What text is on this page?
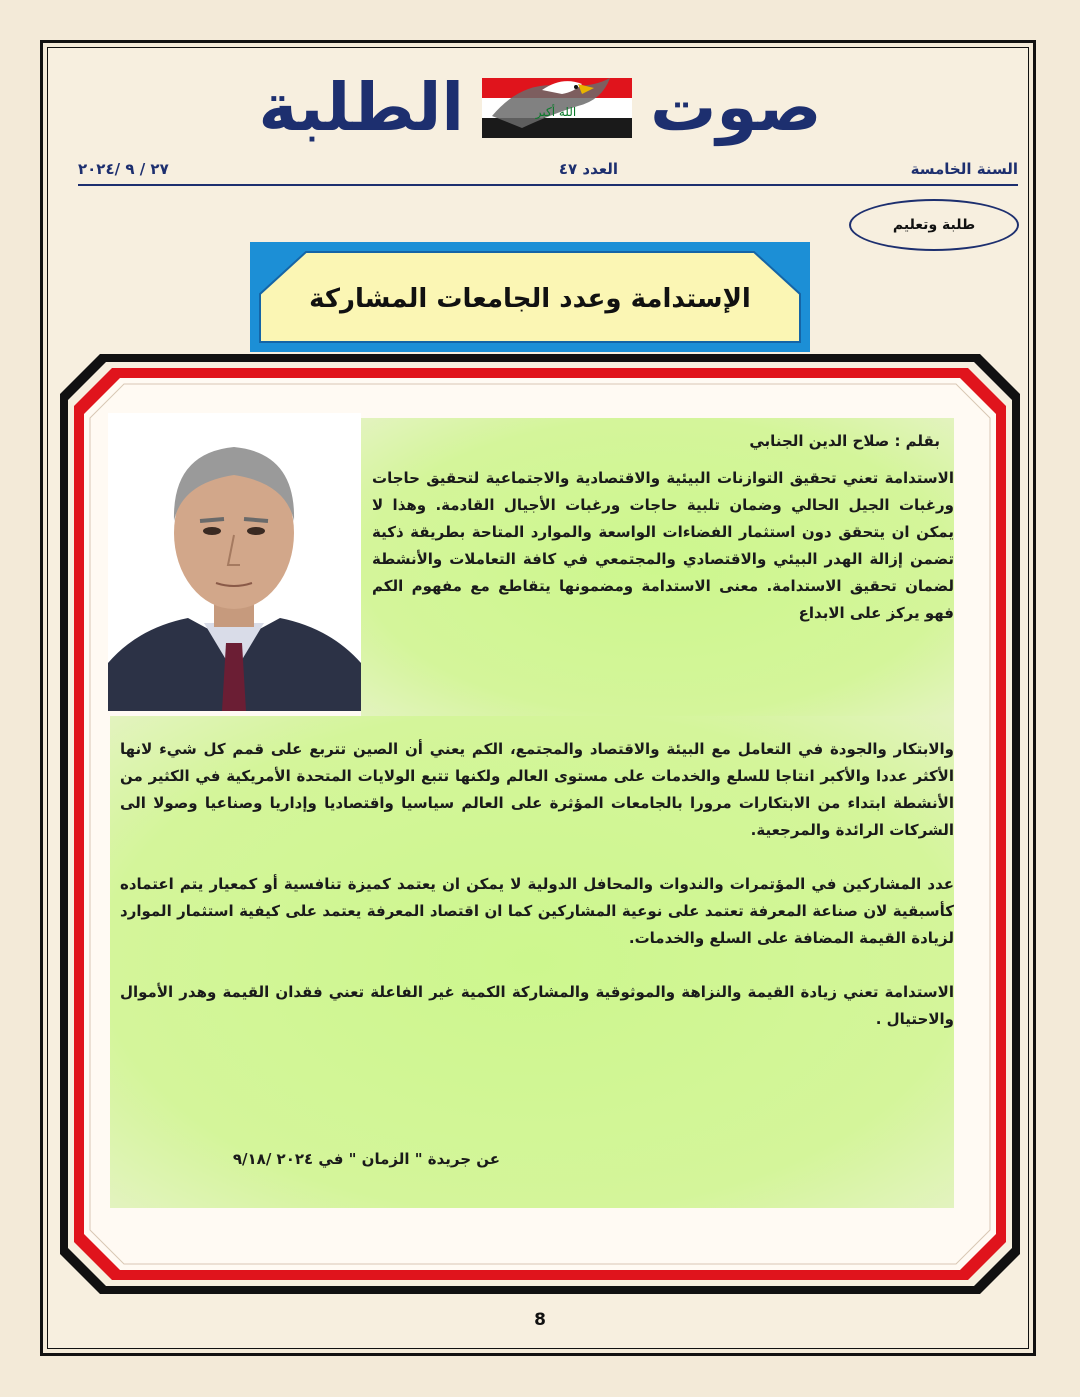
صوت
الله أكبر
الطلبة
السنة الخامسة
العدد ٤٧
٢٧ / ٩ /٢٠٢٤
طلبة وتعليم
الإستدامة وعدد الجامعات المشاركة

بقلم : صلاح الدين الجنابي

الاستدامة تعني تحقيق التوازنات البيئية والاقتصادية والاجتماعية لتحقيق حاجات ورغبات الجيل الحالي وضمان تلبية حاجات ورغبات الأجيال القادمة. وهذا لا يمكن ان يتحقق دون استثمار الفضاءات الواسعة والموارد المتاحة بطريقة ذكية تضمن إزالة الهدر البيئي والاقتصادي والمجتمعي في كافة التعاملات والأنشطة لضمان تحقيق الاستدامة. معنى الاستدامة ومضمونها يتقاطع مع مفهوم الكم فهو يركز على الابداع

والابتكار والجودة في التعامل مع البيئة والاقتصاد والمجتمع، الكم يعني أن الصين تتربع على قمم كل شيء لانها الأكثر عددا والأكبر انتاجا للسلع والخدمات على مستوى العالم ولكنها تتبع الولايات المتحدة الأمريكية في الكثير من الأنشطة ابتداء من الابتكارات مرورا بالجامعات المؤثرة على العالم سياسيا واقتصاديا وإداريا وصناعيا وصولا الى الشركات الرائدة والمرجعية.

عدد المشاركين في المؤتمرات والندوات والمحافل الدولية لا يمكن ان يعتمد كميزة تنافسية أو كمعيار يتم اعتماده كأسبقية لان صناعة المعرفة تعتمد على نوعية المشاركين كما ان اقتصاد المعرفة يعتمد على كيفية استثمار الموارد لزيادة القيمة المضافة على السلع والخدمات.

الاستدامة تعني زيادة القيمة والنزاهة والموثوقية والمشاركة الكمية غير الفاعلة تعني فقدان القيمة وهدر الأموال والاحتيال .

عن جريدة " الزمان " في ٢٠٢٤ /٩/١٨
8
